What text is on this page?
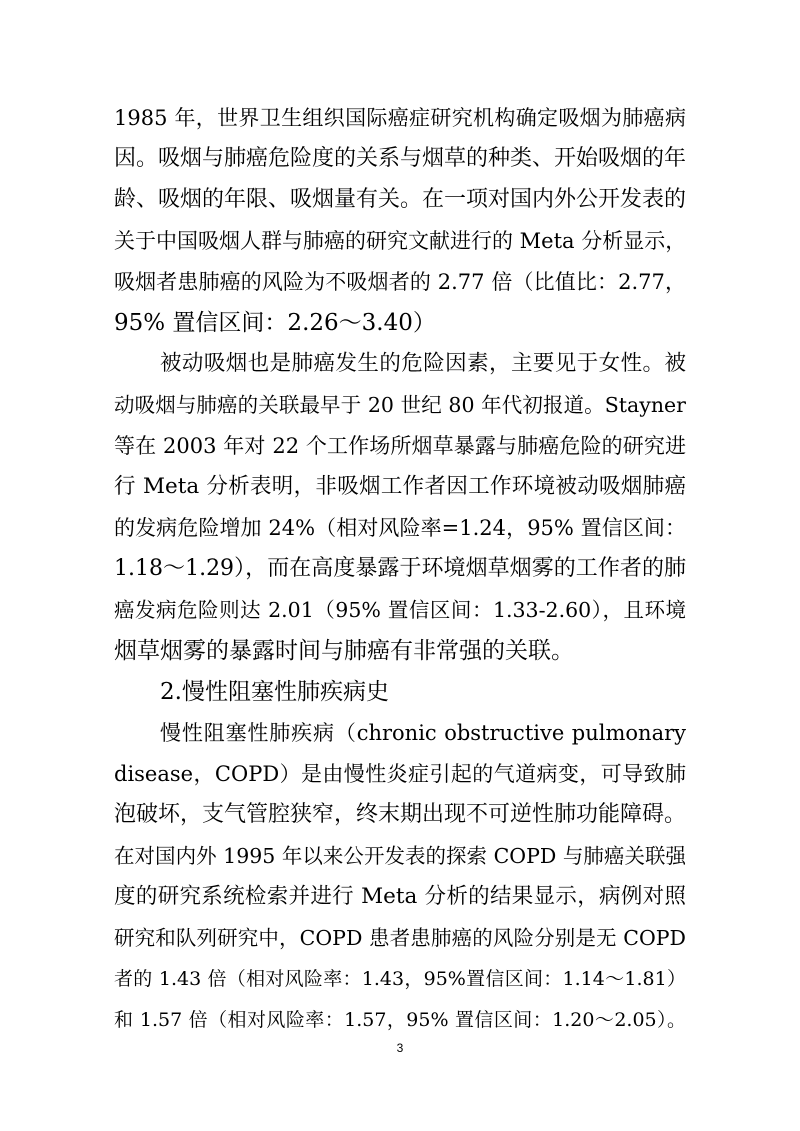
1985 年，世界卫生组织国际癌症研究机构确定吸烟为肺癌病
因。吸烟与肺癌危险度的关系与烟草的种类、开始吸烟的年
龄、吸烟的年限、吸烟量有关。在一项对国内外公开发表的
关于中国吸烟人群与肺癌的研究文献进行的 Meta 分析显示，
吸烟者患肺癌的风险为不吸烟者的 2.77 倍（比值比：2.77，
95% 置信区间：2.26～3.40）
被动吸烟也是肺癌发生的危险因素，主要见于女性。被
动吸烟与肺癌的关联最早于 20 世纪 80 年代初报道。Stayner
等在 2003 年对 22 个工作场所烟草暴露与肺癌危险的研究进
行 Meta 分析表明，非吸烟工作者因工作环境被动吸烟肺癌
的发病危险增加 24%（相对风险率=1.24，95% 置信区间：
1.18～1.29），而在高度暴露于环境烟草烟雾的工作者的肺
癌发病危险则达 2.01（95% 置信区间：1.33-2.60），且环境
烟草烟雾的暴露时间与肺癌有非常强的关联。
2.慢性阻塞性肺疾病史
慢性阻塞性肺疾病（chronic obstructive pulmonary
disease，COPD）是由慢性炎症引起的气道病变，可导致肺
泡破坏，支气管腔狭窄，终末期出现不可逆性肺功能障碍。
在对国内外 1995 年以来公开发表的探索 COPD 与肺癌关联强
度的研究系统检索并进行 Meta 分析的结果显示，病例对照
研究和队列研究中，COPD 患者患肺癌的风险分别是无 COPD
者的 1.43 倍（相对风险率：1.43，95%置信区间：1.14～1.81）
和 1.57 倍（相对风险率：1.57，95% 置信区间：1.20～2.05）。
3
